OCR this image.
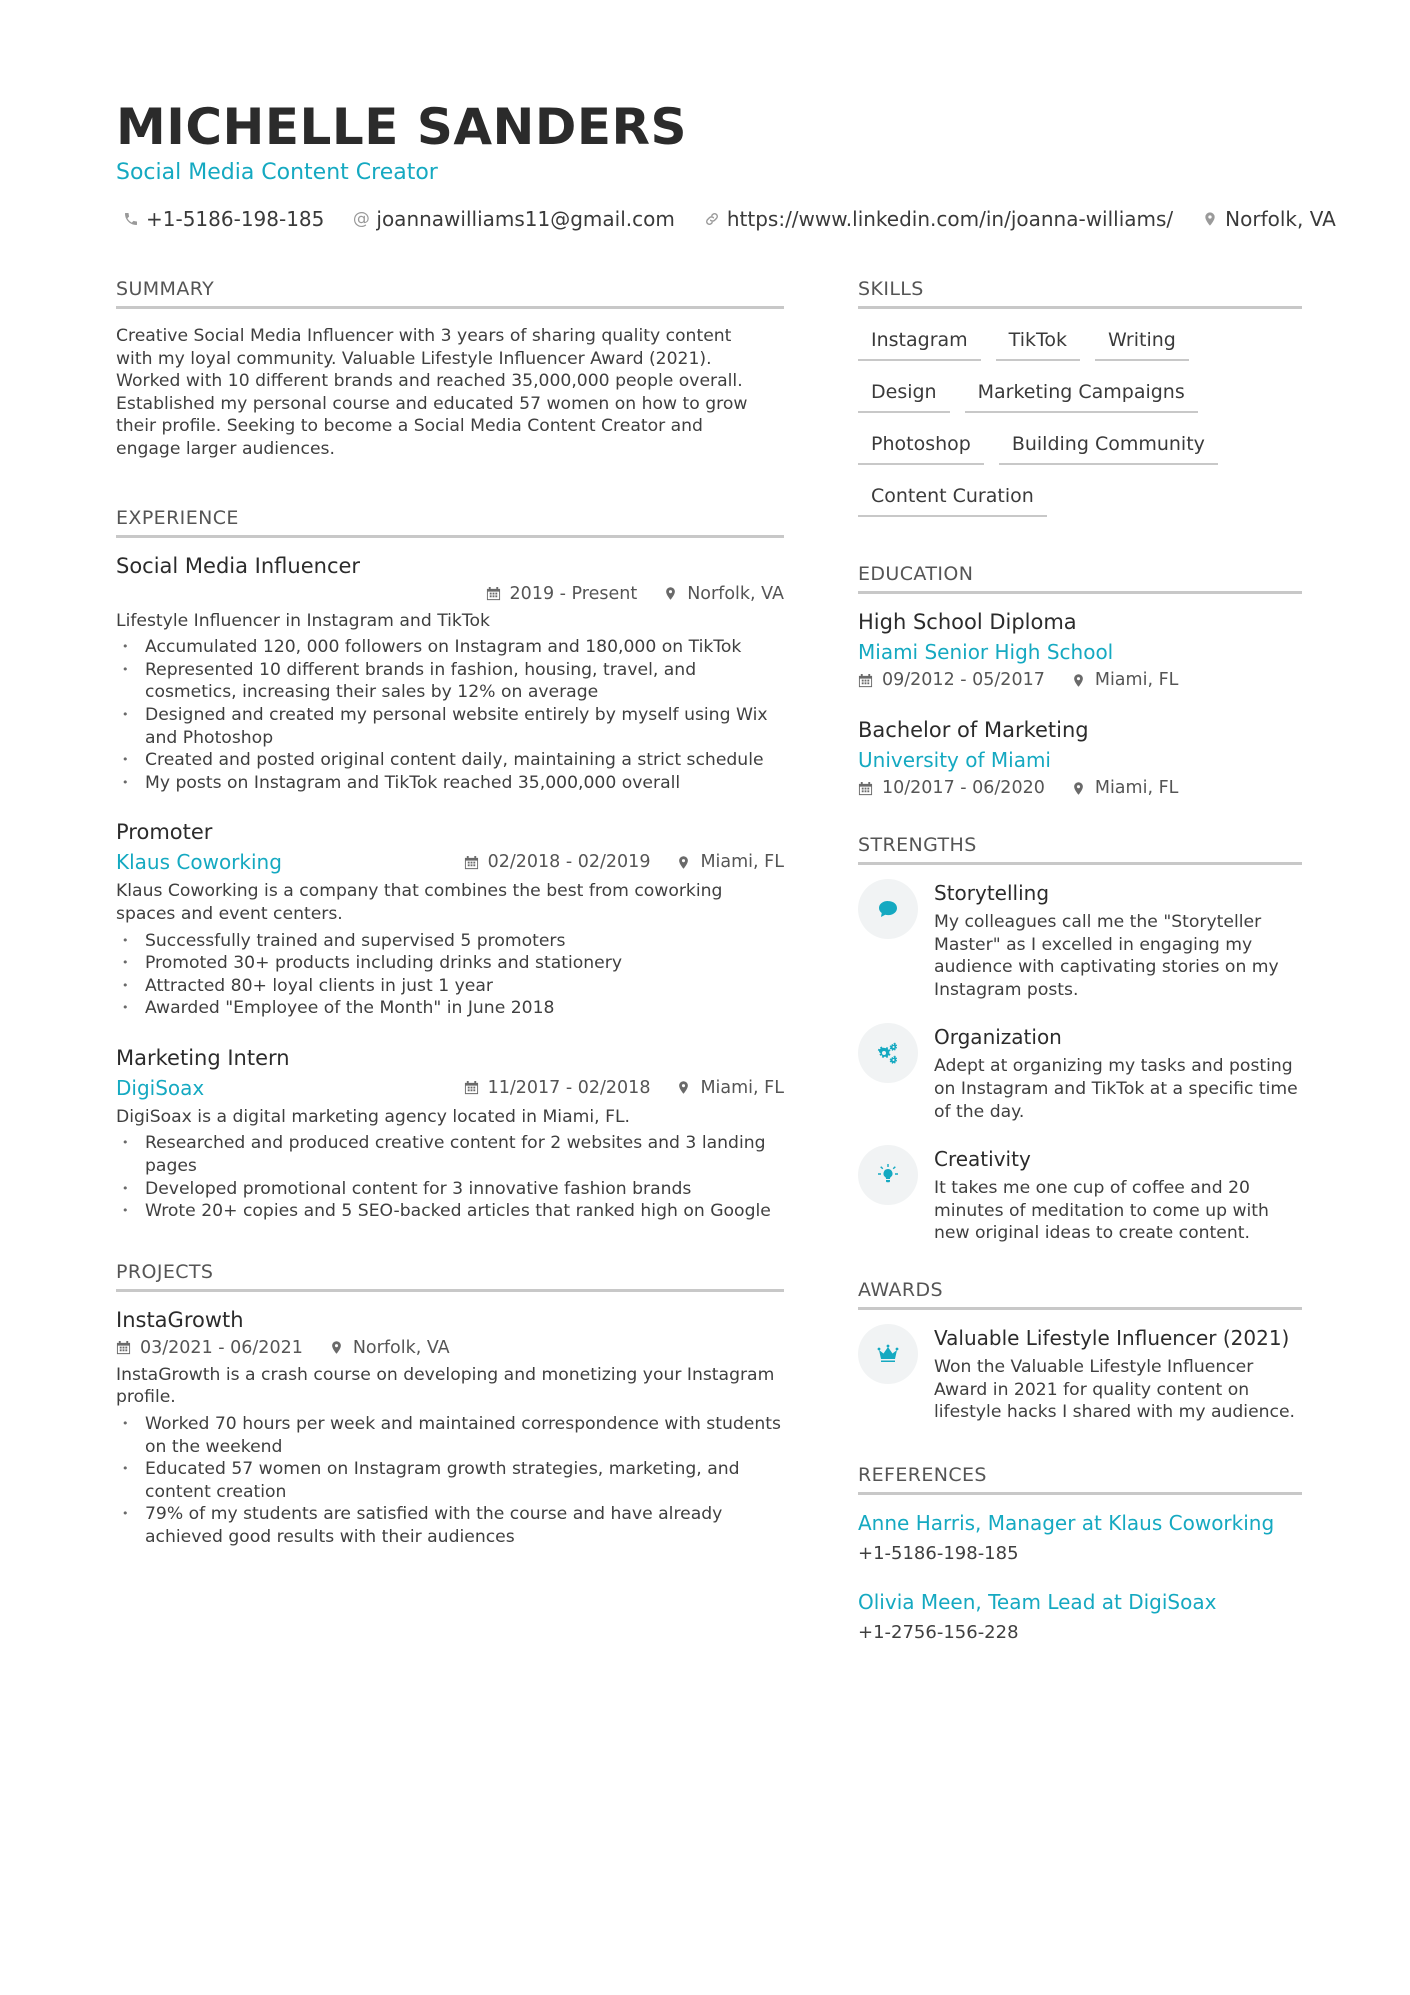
MICHELLE SANDERS
Social Media Content Creator
+1-5186-198-185 @ joannawilliams11@gmail.com	https://www.linkedin.com/in/joanna-williams/	Norfolk, VA
SUMMARY
Creative Social Media Influencer with 3 years of sharing quality content with my loyal community. Valuable Lifestyle Influencer Award (2021). Worked with 10 different brands and reached 35,000,000 people overall. Established my personal course and educated 57 women on how to grow their profile. Seeking to become a Social Media Content Creator and engage larger audiences.
EXPERIENCE
Social Media Influencer
2019 - Present	Norfolk, VA
Lifestyle Influencer in Instagram and TikTok
• Accumulated 120, 000 followers on Instagram and 180,000 on TikTok
• Represented 10 different brands in fashion, housing, travel, and cosmetics, increasing their sales by 12% on average
• Designed and created my personal website entirely by myself using Wix and Photoshop
• Created and posted original content daily, maintaining a strict schedule
• My posts on Instagram and TikTok reached 35,000,000 overall
Promoter
Klaus Coworking	02/2018 - 02/2019	Miami, FL
Klaus Coworking is a company that combines the best from coworking spaces and event centers.
• Successfully trained and supervised 5 promoters
• Promoted 30+ products including drinks and stationery
• Attracted 80+ loyal clients in just 1 year
• Awarded "Employee of the Month" in June 2018
Marketing Intern
DigiSoax	11/2017 - 02/2018	Miami, FL
DigiSoax is a digital marketing agency located in Miami, FL.
• Researched and produced creative content for 2 websites and 3 landing pages
• Developed promotional content for 3 innovative fashion brands
• Wrote 20+ copies and 5 SEO-backed articles that ranked high on Google
PROJECTS
InstaGrowth
03/2021 - 06/2021	Norfolk, VA
InstaGrowth is a crash course on developing and monetizing your Instagram profile.
• Worked 70 hours per week and maintained correspondence with students on the weekend
• Educated 57 women on Instagram growth strategies, marketing, and content creation
• 79% of my students are satisfied with the course and have already achieved good results with their audiences
SKILLS
Instagram	TikTok	Writing
Design	Marketing Campaigns
Photoshop	Building Community
Content Curation
EDUCATION
High School Diploma
Miami Senior High School
09/2012 - 05/2017	Miami, FL
Bachelor of Marketing
University of Miami
10/2017 - 06/2020	Miami, FL
STRENGTHS
Storytelling
My colleagues call me the "Storyteller Master" as I excelled in engaging my audience with captivating stories on my Instagram posts.
Organization
Adept at organizing my tasks and posting on Instagram and TikTok at a specific time of the day.
Creativity
It takes me one cup of coffee and 20 minutes of meditation to come up with new original ideas to create content.
AWARDS
Valuable Lifestyle Influencer (2021)
Won the Valuable Lifestyle Influencer Award in 2021 for quality content on lifestyle hacks I shared with my audience.
REFERENCES
Anne Harris, Manager at Klaus Coworking
+1-5186-198-185
Olivia Meen, Team Lead at DigiSoax
+1-2756-156-228
